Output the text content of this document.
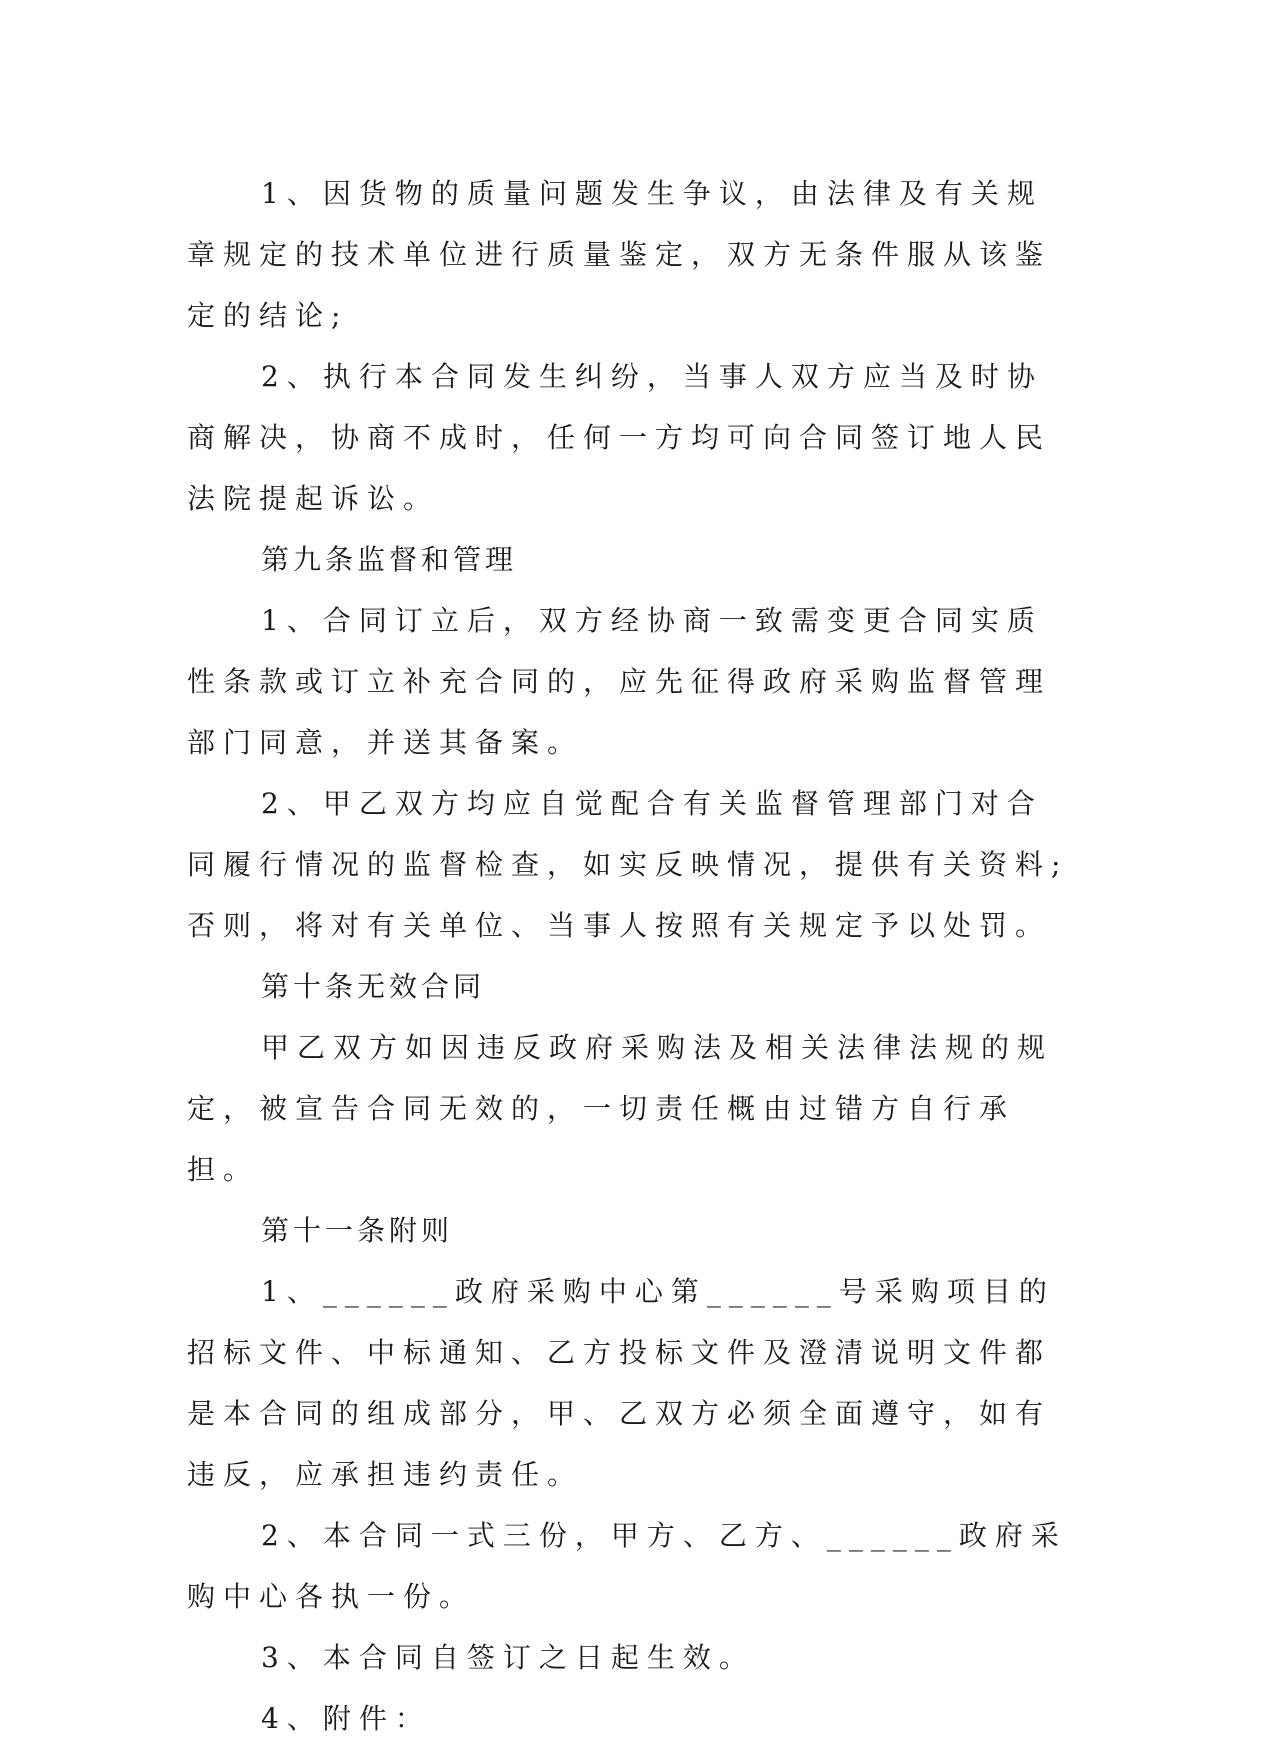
1、因货物的质量问题发生争议，由法律及有关规章规定的技术单位进行质量鉴定，双方无条件服从该鉴定的结论;

2、执行本合同发生纠纷，当事人双方应当及时协商解决，协商不成时，任何一方均可向合同签订地人民法院提起诉讼。

第九条监督和管理

1、合同订立后，双方经协商一致需变更合同实质性条款或订立补充合同的，应先征得政府采购监督管理部门同意，并送其备案。

2、甲乙双方均应自觉配合有关监督管理部门对合同履行情况的监督检查，如实反映情况，提供有关资料;否则，将对有关单位、当事人按照有关规定予以处罚。

第十条无效合同

甲乙双方如因违反政府采购法及相关法律法规的规定，被宣告合同无效的，一切责任概由过错方自行承担。

第十一条附则

1、______政府采购中心第______号采购项目的招标文件、中标通知、乙方投标文件及澄清说明文件都是本合同的组成部分，甲、乙双方必须全面遵守，如有违反，应承担违约责任。

2、本合同一式三份，甲方、乙方、______政府采购中心各执一份。

3、本合同自签订之日起生效。

4、附件：
